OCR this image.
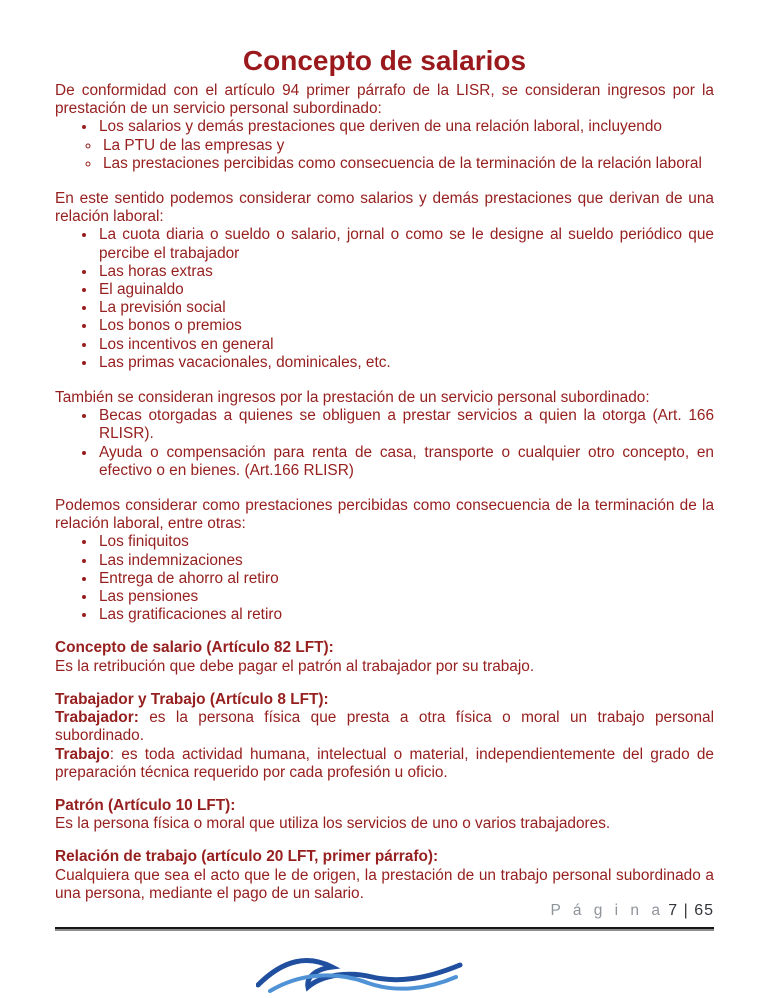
Concepto de salarios

De conformidad con el artículo 94 primer párrafo de la LISR, se consideran ingresos por la prestación de un servicio personal subordinado:

• Los salarios y demás prestaciones que deriven de una relación laboral, incluyendo
◦ La PTU de las empresas y
◦ Las prestaciones percibidas como consecuencia de la terminación de la relación laboral

En este sentido podemos considerar como salarios y demás prestaciones que derivan de una relación laboral:

• La cuota diaria o sueldo o salario, jornal o como se le designe al sueldo periódico que percibe el trabajador
• Las horas extras
• El aguinaldo
• La previsión social
• Los bonos o premios
• Los incentivos en general
• Las primas vacacionales, dominicales, etc.

También se consideran ingresos por la prestación de un servicio personal subordinado:

• Becas otorgadas a quienes se obliguen a prestar servicios a quien la otorga (Art. 166 RLISR).
• Ayuda o compensación para renta de casa, transporte o cualquier otro concepto, en efectivo o en bienes. (Art.166 RLISR)

Podemos considerar como prestaciones percibidas como consecuencia de la terminación de la relación laboral, entre otras:

• Los finiquitos
• Las indemnizaciones
• Entrega de ahorro al retiro
• Las pensiones
• Las gratificaciones al retiro

Concepto de salario (Artículo 82 LFT):

Es la retribución que debe pagar el patrón al trabajador por su trabajo.

Trabajador y Trabajo (Artículo 8 LFT):

Trabajador: es la persona física que presta a otra física o moral un trabajo personal subordinado.

Trabajo: es toda actividad humana, intelectual o material, independientemente del grado de preparación técnica requerido por cada profesión u oficio.

Patrón (Artículo 10 LFT):

Es la persona física o moral que utiliza los servicios de uno o varios trabajadores.

Relación de trabajo (artículo 20 LFT, primer párrafo):

Cualquiera que sea el acto que le de origen, la prestación de un trabajo personal subordinado a una persona, mediante el pago de un salario.

P á g i n a 7 | 65
